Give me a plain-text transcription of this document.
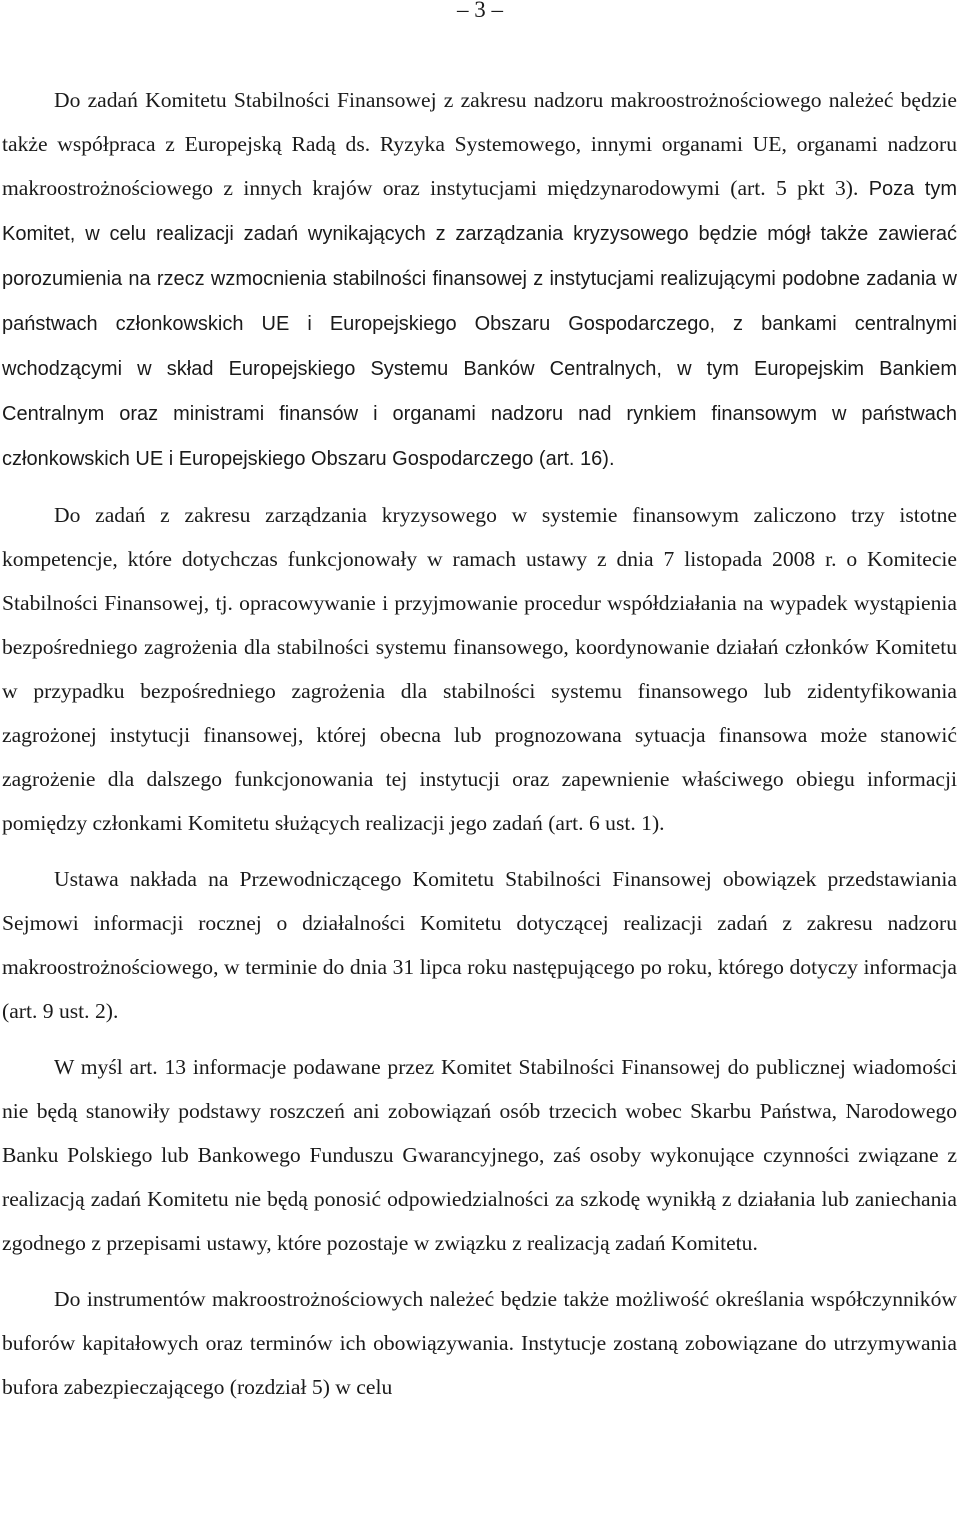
– 3 –

Do zadań Komitetu Stabilności Finansowej z zakresu nadzoru makroostrożnościowego należeć będzie także współpraca z Europejską Radą ds. Ryzyka Systemowego, innymi organami UE, organami nadzoru makroostrożnościowego z innych krajów oraz instytucjami międzynarodowymi (art. 5 pkt 3). Poza tym Komitet, w celu realizacji zadań wynikających z zarządzania kryzysowego będzie mógł także zawierać porozumienia na rzecz wzmocnienia stabilności finansowej z instytucjami realizującymi podobne zadania w państwach członkowskich UE i Europejskiego Obszaru Gospodarczego, z bankami centralnymi wchodzącymi w skład Europejskiego Systemu Banków Centralnych, w tym Europejskim Bankiem Centralnym oraz ministrami finansów i organami nadzoru nad rynkiem finansowym w państwach członkowskich UE i Europejskiego Obszaru Gospodarczego (art. 16).

Do zadań z zakresu zarządzania kryzysowego w systemie finansowym zaliczono trzy istotne kompetencje, które dotychczas funkcjonowały w ramach ustawy z dnia 7 listopada 2008 r. o Komitecie Stabilności Finansowej, tj. opracowywanie i przyjmowanie procedur współdziałania na wypadek wystąpienia bezpośredniego zagrożenia dla stabilności systemu finansowego, koordynowanie działań członków Komitetu w przypadku bezpośredniego zagrożenia dla stabilności systemu finansowego lub zidentyfikowania zagrożonej instytucji finansowej, której obecna lub prognozowana sytuacja finansowa może stanowić zagrożenie dla dalszego funkcjonowania tej instytucji oraz zapewnienie właściwego obiegu informacji pomiędzy członkami Komitetu służących realizacji jego zadań (art. 6 ust. 1).

Ustawa nakłada na Przewodniczącego Komitetu Stabilności Finansowej obowiązek przedstawiania Sejmowi informacji rocznej o działalności Komitetu dotyczącej realizacji zadań z zakresu nadzoru makroostrożnościowego, w terminie do dnia 31 lipca roku następującego po roku, którego dotyczy informacja (art. 9 ust. 2).

W myśl art. 13 informacje podawane przez Komitet Stabilności Finansowej do publicznej wiadomości nie będą stanowiły podstawy roszczeń ani zobowiązań osób trzecich wobec Skarbu Państwa, Narodowego Banku Polskiego lub Bankowego Funduszu Gwarancyjnego, zaś osoby wykonujące czynności związane z realizacją zadań Komitetu nie będą ponosić odpowiedzialności za szkodę wynikłą z działania lub zaniechania zgodnego z przepisami ustawy, które pozostaje w związku z realizacją zadań Komitetu.

Do instrumentów makroostrożnościowych należeć będzie także możliwość określania współczynników buforów kapitałowych oraz terminów ich obowiązywania. Instytucje zostaną zobowiązane do utrzymywania bufora zabezpieczającego (rozdział 5) w celu
